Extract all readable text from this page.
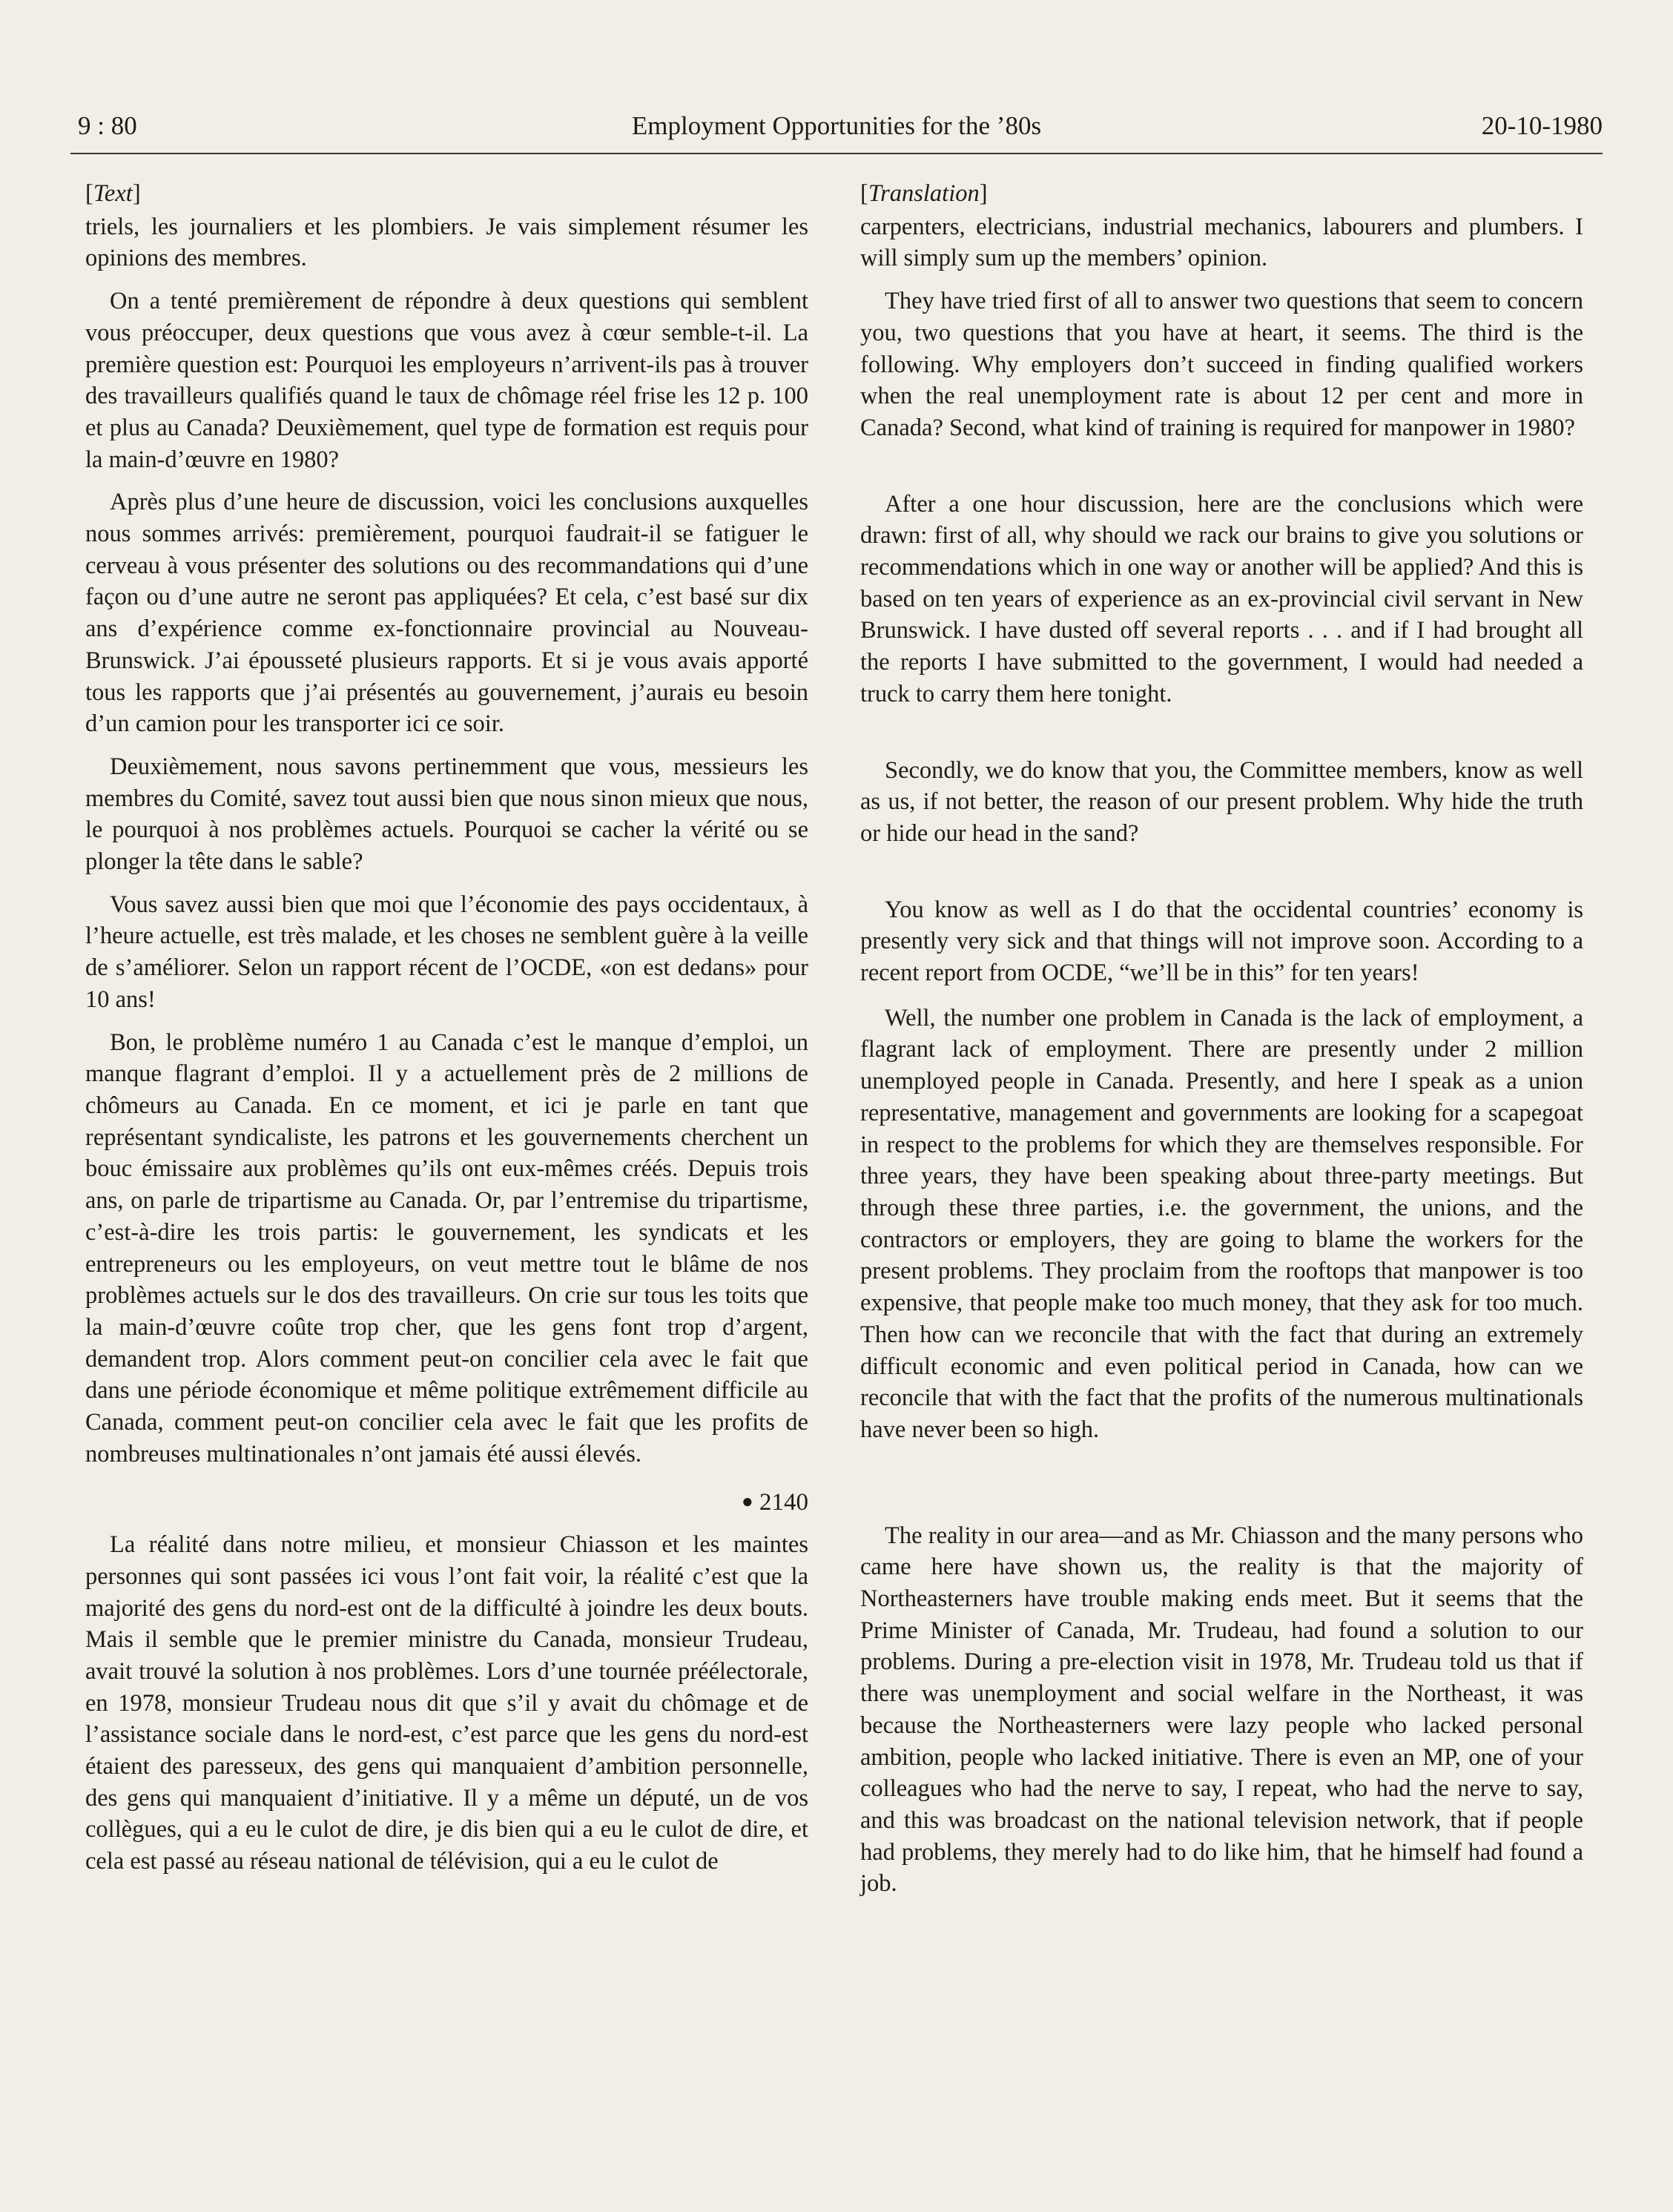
9 : 80	Employment Opportunities for the ’80s	20-10-1980
[Text]

triels, les journaliers et les plombiers. Je vais simplement résumer les opinions des membres.

On a tenté premièrement de répondre à deux questions qui semblent vous préoccuper, deux questions que vous avez à cœur semble-t-il. La première question est: Pourquoi les employeurs n’arrivent-ils pas à trouver des travailleurs qualifiés quand le taux de chômage réel frise les 12 p. 100 et plus au Canada? Deuxièmement, quel type de formation est requis pour la main-d’œuvre en 1980?

Après plus d’une heure de discussion, voici les conclusions auxquelles nous sommes arrivés: premièrement, pourquoi faudrait-il se fatiguer le cerveau à vous présenter des solutions ou des recommandations qui d’une façon ou d’une autre ne seront pas appliquées? Et cela, c’est basé sur dix ans d’expérience comme ex-fonctionnaire provincial au Nouveau-Brunswick. J’ai épousseté plusieurs rapports. Et si je vous avais apporté tous les rapports que j’ai présentés au gouvernement, j’aurais eu besoin d’un camion pour les transporter ici ce soir.

Deuxièmement, nous savons pertinemment que vous, messieurs les membres du Comité, savez tout aussi bien que nous sinon mieux que nous, le pourquoi à nos problèmes actuels. Pourquoi se cacher la vérité ou se plonger la tête dans le sable?

Vous savez aussi bien que moi que l’économie des pays occidentaux, à l’heure actuelle, est très malade, et les choses ne semblent guère à la veille de s’améliorer. Selon un rapport récent de l’OCDE, «on est dedans» pour 10 ans!

Bon, le problème numéro 1 au Canada c’est le manque d’emploi, un manque flagrant d’emploi. Il y a actuellement près de 2 millions de chômeurs au Canada. En ce moment, et ici je parle en tant que représentant syndicaliste, les patrons et les gouvernements cherchent un bouc émissaire aux problèmes qu’ils ont eux-mêmes créés. Depuis trois ans, on parle de tripartisme au Canada. Or, par l’entremise du tripartisme, c’est-à-dire les trois partis: le gouvernement, les syndicats et les entrepreneurs ou les employeurs, on veut mettre tout le blâme de nos problèmes actuels sur le dos des travailleurs. On crie sur tous les toits que la main-d’œuvre coûte trop cher, que les gens font trop d’argent, demandent trop. Alors comment peut-on concilier cela avec le fait que dans une période économique et même politique extrêmement difficile au Canada, comment peut-on concilier cela avec le fait que les profits de nombreuses multinationales n’ont jamais été aussi élevés.

● 2140

La réalité dans notre milieu, et monsieur Chiasson et les maintes personnes qui sont passées ici vous l’ont fait voir, la réalité c’est que la majorité des gens du nord-est ont de la difficulté à joindre les deux bouts. Mais il semble que le premier ministre du Canada, monsieur Trudeau, avait trouvé la solution à nos problèmes. Lors d’une tournée préélectorale, en 1978, monsieur Trudeau nous dit que s’il y avait du chômage et de l’assistance sociale dans le nord-est, c’est parce que les gens du nord-est étaient des paresseux, des gens qui manquaient d’ambition personnelle, des gens qui manquaient d’initiative. Il y a même un député, un de vos collègues, qui a eu le culot de dire, je dis bien qui a eu le culot de dire, et cela est passé au réseau national de télévision, qui a eu le culot de

[Translation]

carpenters, electricians, industrial mechanics, labourers and plumbers. I will simply sum up the members’ opinion.

They have tried first of all to answer two questions that seem to concern you, two questions that you have at heart, it seems. The third is the following. Why employers don’t succeed in finding qualified workers when the real unemployment rate is about 12 per cent and more in Canada? Second, what kind of training is required for manpower in 1980?

After a one hour discussion, here are the conclusions which were drawn: first of all, why should we rack our brains to give you solutions or recommendations which in one way or another will be applied? And this is based on ten years of experience as an ex-provincial civil servant in New Brunswick. I have dusted off several reports . . . and if I had brought all the reports I have submitted to the government, I would had needed a truck to carry them here tonight.

Secondly, we do know that you, the Committee members, know as well as us, if not better, the reason of our present problem. Why hide the truth or hide our head in the sand?

You know as well as I do that the occidental countries’ economy is presently very sick and that things will not improve soon. According to a recent report from OCDE, “we’ll be in this” for ten years!

Well, the number one problem in Canada is the lack of employment, a flagrant lack of employment. There are presently under 2 million unemployed people in Canada. Presently, and here I speak as a union representative, management and governments are looking for a scapegoat in respect to the problems for which they are themselves responsible. For three years, they have been speaking about three-party meetings. But through these three parties, i.e. the government, the unions, and the contractors or employers, they are going to blame the workers for the present problems. They proclaim from the rooftops that manpower is too expensive, that people make too much money, that they ask for too much. Then how can we reconcile that with the fact that during an extremely difficult economic and even political period in Canada, how can we reconcile that with the fact that the profits of the numerous multinationals have never been so high.

The reality in our area—and as Mr. Chiasson and the many persons who came here have shown us, the reality is that the majority of Northeasterners have trouble making ends meet. But it seems that the Prime Minister of Canada, Mr. Trudeau, had found a solution to our problems. During a pre-election visit in 1978, Mr. Trudeau told us that if there was unemployment and social welfare in the Northeast, it was because the Northeasterners were lazy people who lacked personal ambition, people who lacked initiative. There is even an MP, one of your colleagues who had the nerve to say, I repeat, who had the nerve to say, and this was broadcast on the national television network, that if people had problems, they merely had to do like him, that he himself had found a job.
